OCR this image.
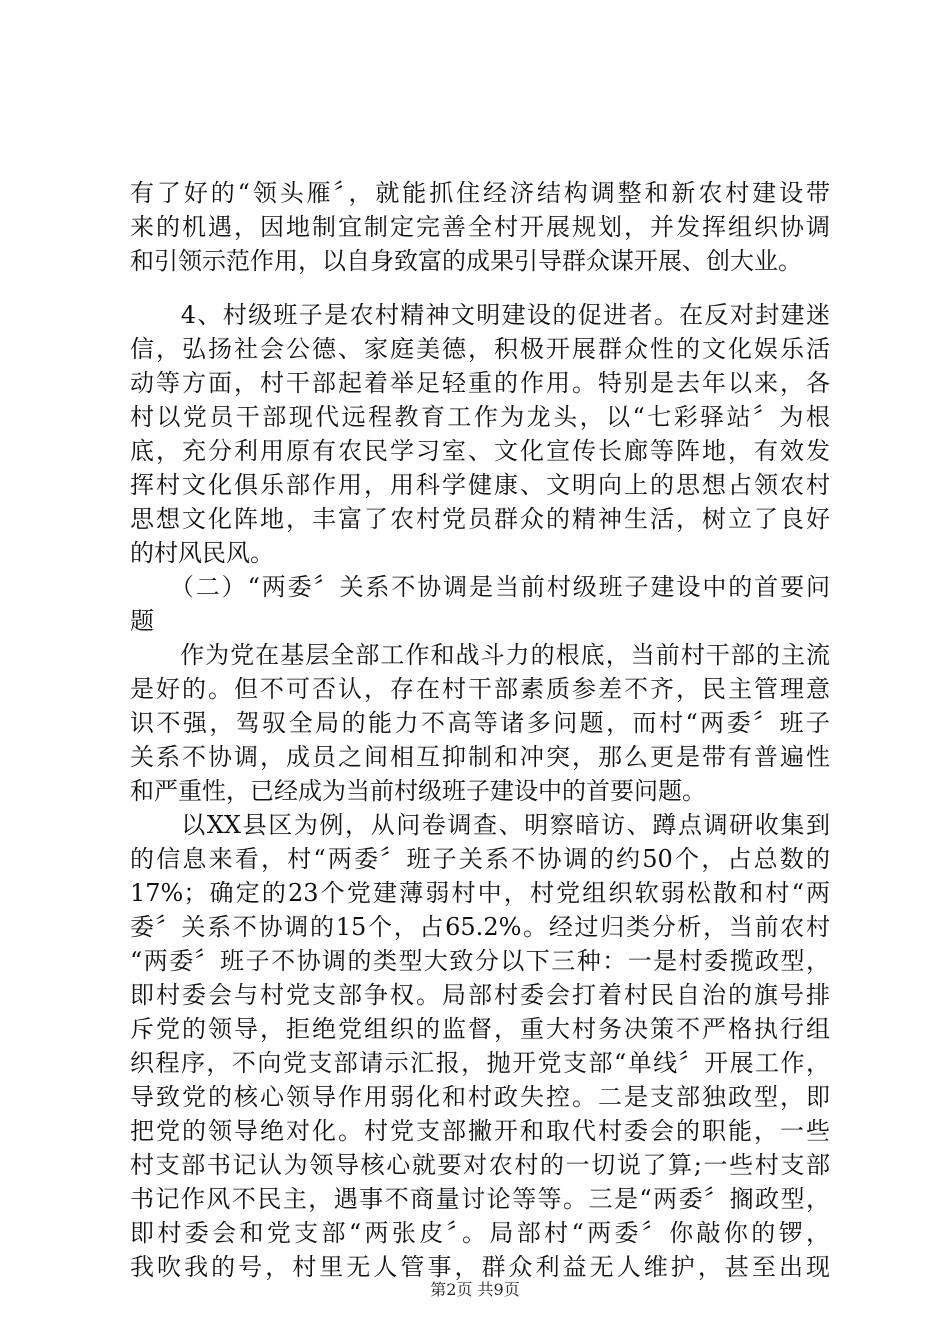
有了好的“领头雁〞，就能抓住经济结构调整和新农村建设带
来的机遇，因地制宜制定完善全村开展规划，并发挥组织协调
和引领示范作用，以自身致富的成果引导群众谋开展、创大业。
　　4、村级班子是农村精神文明建设的促进者。在反对封建迷
信，弘扬社会公德、家庭美德，积极开展群众性的文化娱乐活
动等方面，村干部起着举足轻重的作用。特别是去年以来，各
村以党员干部现代远程教育工作为龙头，以“七彩驿站〞为根
底，充分利用原有农民学习室、文化宣传长廊等阵地，有效发
挥村文化俱乐部作用，用科学健康、文明向上的思想占领农村
思想文化阵地，丰富了农村党员群众的精神生活，树立了良好
的村风民风。
　　（二）“两委〞关系不协调是当前村级班子建设中的首要问
题
　　作为党在基层全部工作和战斗力的根底，当前村干部的主流
是好的。但不可否认，存在村干部素质参差不齐，民主管理意
识不强，驾驭全局的能力不高等诸多问题，而村“两委〞班子
关系不协调，成员之间相互抑制和冲突，那么更是带有普遍性
和严重性，已经成为当前村级班子建设中的首要问题。
　　以XX县区为例，从问卷调查、明察暗访、蹲点调研收集到
的信息来看，村“两委〞班子关系不协调的约50个，占总数的
17%；确定的23个党建薄弱村中，村党组织软弱松散和村“两
委〞关系不协调的15个，占65.2%。经过归类分析，当前农村
“两委〞班子不协调的类型大致分以下三种：一是村委揽政型，
即村委会与村党支部争权。局部村委会打着村民自治的旗号排
斥党的领导，拒绝党组织的监督，重大村务决策不严格执行组
织程序，不向党支部请示汇报，抛开党支部“单线〞开展工作，
导致党的核心领导作用弱化和村政失控。二是支部独政型，即
把党的领导绝对化。村党支部撇开和取代村委会的职能，一些
村支部书记认为领导核心就要对农村的一切说了算;一些村支部
书记作风不民主，遇事不商量讨论等等。三是“两委〞搁政型，
即村委会和党支部“两张皮〞。局部村“两委〞你敲你的锣，
我吹我的号，村里无人管事，群众利益无人维护，甚至出现
第2页 共9页
